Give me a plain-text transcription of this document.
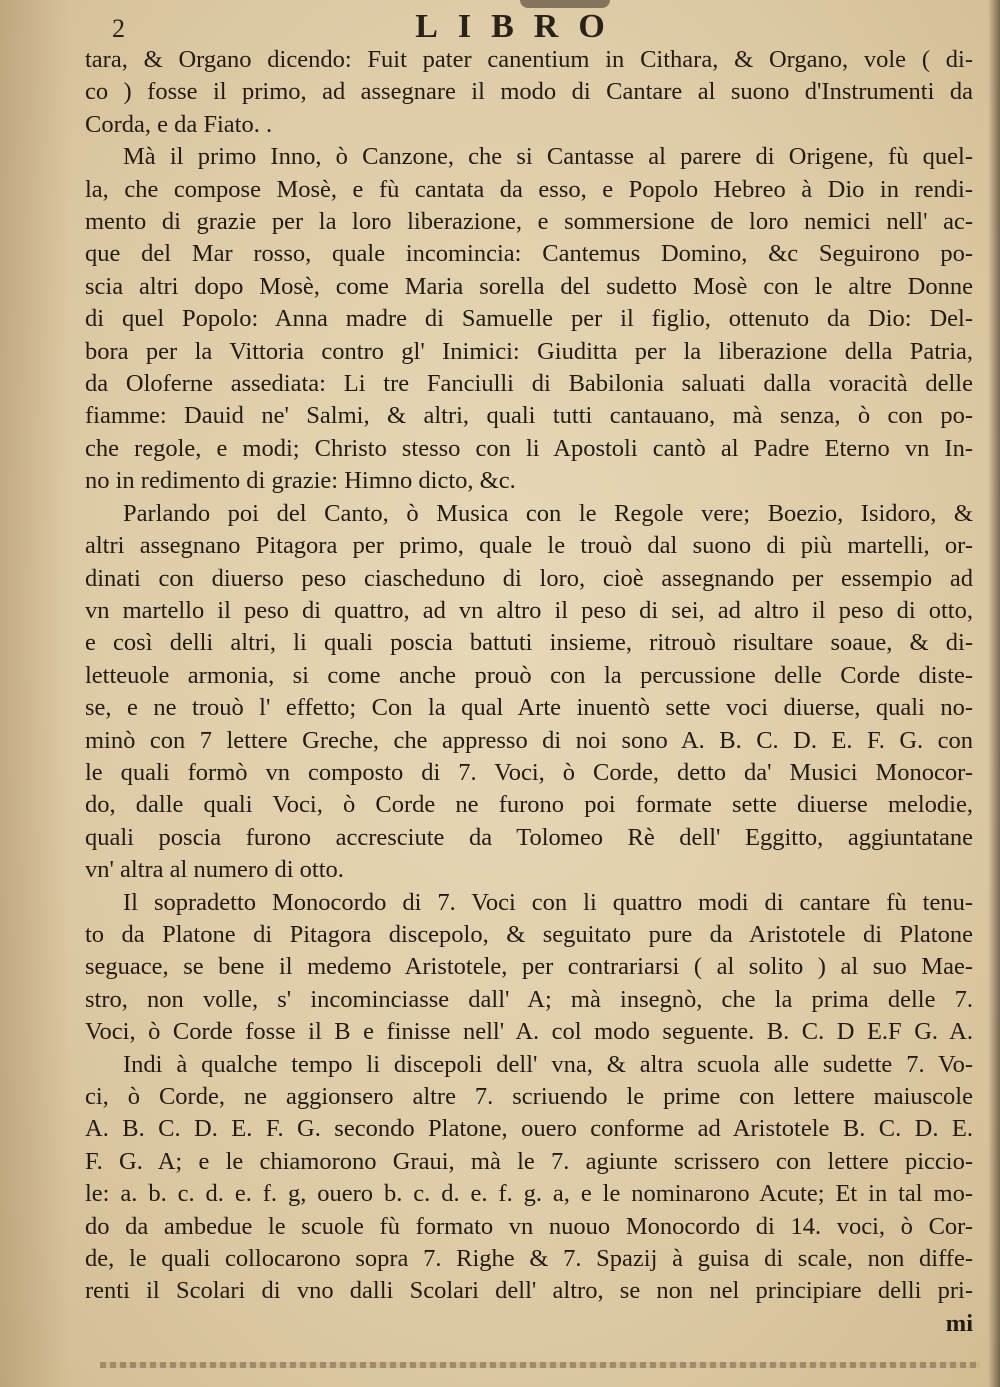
2	LIBRO
tara, & Organo dicendo: Fuit pater canentium in Cithara, & Organo, vole ( di-
co ) fosse il primo, ad assegnare il modo di Cantare al suono d'Instrumenti da
Corda, e da Fiato. .
Mà il primo Inno, ò Canzone, che si Cantasse al parere di Origene, fù quel-
la, che compose Mosè, e fù cantata da esso, e Popolo Hebreo à Dio in rendi-
mento di grazie per la loro liberazione, e sommersione de loro nemici nell' ac-
que del Mar rosso, quale incomincia: Cantemus Domino, &c Seguirono po-
scia altri dopo Mosè, come Maria sorella del sudetto Mosè con le altre Donne
di quel Popolo: Anna madre di Samuelle per il figlio, ottenuto da Dio: Del-
bora per la Vittoria contro gl' Inimici: Giuditta per la liberazione della Patria,
da Oloferne assediata: Li tre Fanciulli di Babilonia saluati dalla voracità delle
fiamme: Dauid ne' Salmi, & altri, quali tutti cantauano, mà senza, ò con po-
che regole, e modi; Christo stesso con li Apostoli cantò al Padre Eterno vn In-
no in redimento di grazie: Himno dicto, &c.
Parlando poi del Canto, ò Musica con le Regole vere; Boezio, Isidoro, &
altri assegnano Pitagora per primo, quale le trouò dal suono di più martelli, or-
dinati con diuerso peso ciascheduno di loro, cioè assegnando per essempio ad
vn martello il peso di quattro, ad vn altro il peso di sei, ad altro il peso di otto,
e così delli altri, li quali poscia battuti insieme, ritrouò risultare soaue, & di-
letteuole armonia, si come anche prouò con la percussione delle Corde diste-
se, e ne trouò l' effetto; Con la qual Arte inuentò sette voci diuerse, quali no-
minò con 7 lettere Greche, che appresso di noi sono A. B. C. D. E. F. G. con
le quali formò vn composto di 7. Voci, ò Corde, detto da' Musici Monocor-
do, dalle quali Voci, ò Corde ne furono poi formate sette diuerse melodie,
quali poscia furono accresciute da Tolomeo Rè dell' Eggitto, aggiuntatane
vn' altra al numero di otto.
Il sopradetto Monocordo di 7. Voci con li quattro modi di cantare fù tenu-
to da Platone di Pitagora discepolo, & seguitato pure da Aristotele di Platone
seguace, se bene il medemo Aristotele, per contrariarsi ( al solito ) al suo Mae-
stro, non volle, s' incominciasse dall' A; mà insegnò, che la prima delle 7.
Voci, ò Corde fosse il B e finisse nell' A. col modo seguente. B. C. D E.F G. A.
Indi à qualche tempo li discepoli dell' vna, & altra scuola alle sudette 7. Vo-
ci, ò Corde, ne aggionsero altre 7. scriuendo le prime con lettere maiuscole
A. B. C. D. E. F. G. secondo Platone, ouero conforme ad Aristotele B. C. D. E.
F. G. A; e le chiamorono Graui, mà le 7. agiunte scrissero con lettere piccio-
le: a. b. c. d. e. f. g, ouero b. c. d. e. f. g. a, e le nominarono Acute; Et in tal mo-
do da ambedue le scuole fù formato vn nuouo Monocordo di 14. voci, ò Cor-
de, le quali collocarono sopra 7. Righe & 7. Spazij à guisa di scale, non diffe-
renti il Scolari di vno dalli Scolari dell' altro, se non nel principiare delli pri-
mi
